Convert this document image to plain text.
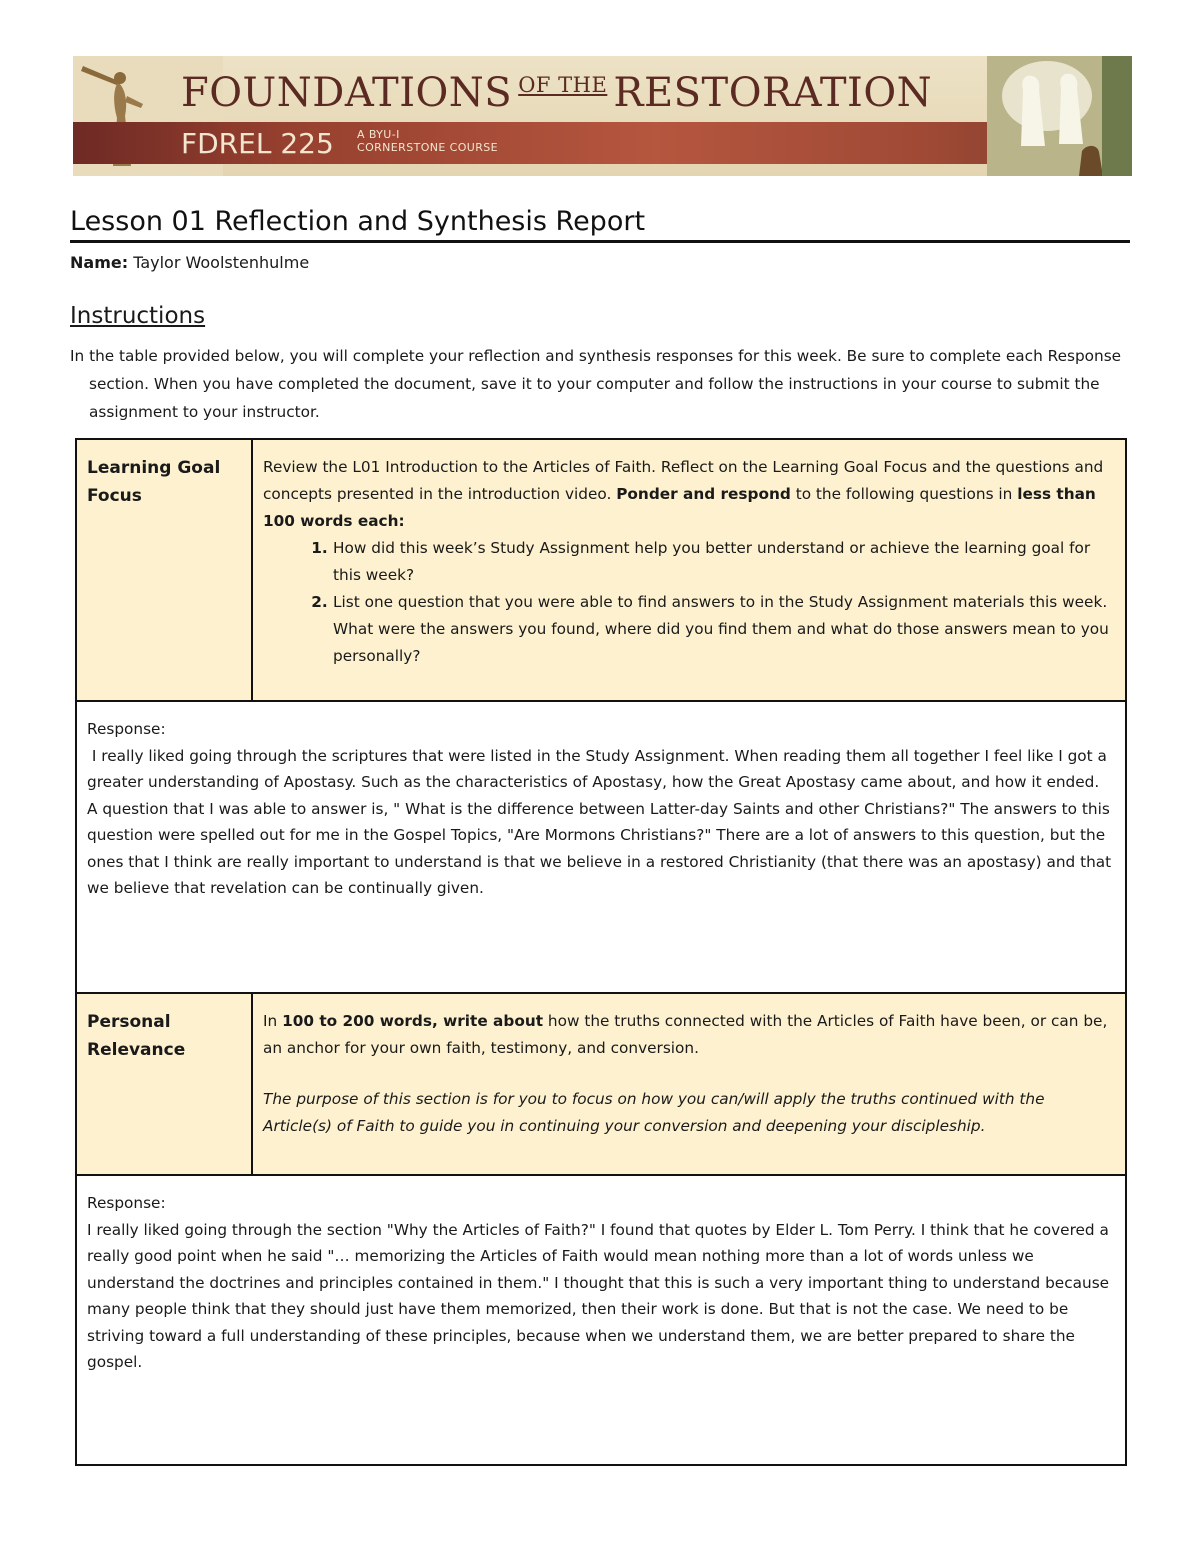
FOUNDATIONS $^{OF THE}$ RESTORATION
FDREL 225 A BYU-I
CORNERSTONE COURSE
Lesson 01 Reflection and Synthesis Report
Name: Taylor Woolstenhulme
Instructions
In the table provided below, you will complete your reflection and synthesis responses for this week. Be sure to complete each Response section. When you have completed the document, save it to your computer and follow the instructions in your course to submit the assignment to your instructor.
Learning Goal Focus
Review the L01 Introduction to the Articles of Faith. Reflect on the Learning Goal Focus and the questions and concepts presented in the introduction video. Ponder and respond to the following questions in less than 100 words each:
1. How did this week’s Study Assignment help you better understand or achieve the learning goal for this week?
2. List one question that you were able to find answers to in the Study Assignment materials this week. What were the answers you found, where did you find them and what do those answers mean to you personally?

Response:

I really liked going through the scriptures that were listed in the Study Assignment. When reading them all together I feel like I got a greater understanding of Apostasy. Such as the characteristics of Apostasy, how the Great Apostasy came about, and how it ended.

A question that I was able to answer is, " What is the difference between Latter-day Saints and other Christians?" The answers to this question were spelled out for me in the Gospel Topics, "Are Mormons Christians?" There are a lot of answers to this question, but the ones that I think are really important to understand is that we believe in a restored Christianity (that there was an apostasy) and that we believe that revelation can be continually given.

Personal Relevance
In 100 to 200 words, write about how the truths connected with the Articles of Faith have been, or can be, an anchor for your own faith, testimony, and conversion.
The purpose of this section is for you to focus on how you can/will apply the truths continued with the Article(s) of Faith to guide you in continuing your conversion and deepening your discipleship.

Response:

I really liked going through the section "Why the Articles of Faith?" I found that quotes by Elder L. Tom Perry. I think that he covered a really good point when he said "… memorizing the Articles of Faith would mean nothing more than a lot of words unless we understand the doctrines and principles contained in them." I thought that this is such a very important thing to understand because many people think that they should just have them memorized, then their work is done. But that is not the case. We need to be striving toward a full understanding of these principles, because when we understand them, we are better prepared to share the gospel.
